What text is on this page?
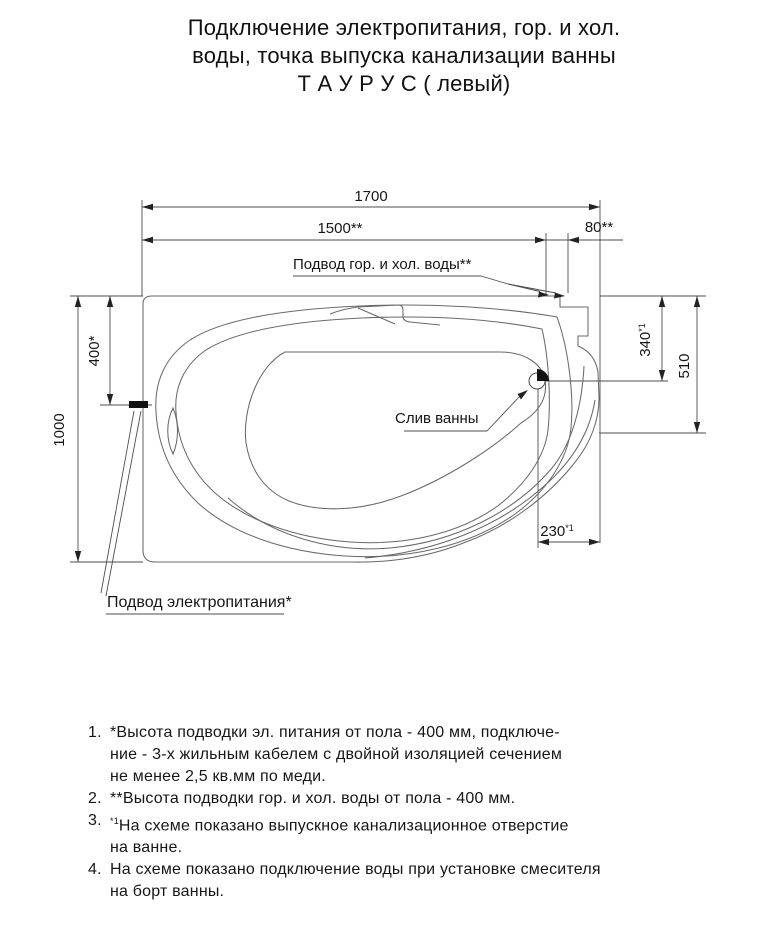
Подключение электропитания, гор. и хол.
воды, точка выпуска канализации ванны
Т А У Р У С ( левый)
1700
1500**	80**
400*
1000
340$^{*1}$
510
230$^{*1}$
Подвод гор. и хол. воды**
Слив ванны
Подвод электропитания*
1. *Высота подводки эл. питания от пола - 400 мм, подключе-
ние - 3-х жильным кабелем с двойной изоляцией сечением
не менее 2,5 кв.мм по меди.
2. **Высота подводки гор. и хол. воды от пола - 400 мм.
3. $^{*1}$На схеме показано выпускное канализационное отверстие
на ванне.
4. На схеме показано подключение воды при установке смесителя
на борт ванны.
